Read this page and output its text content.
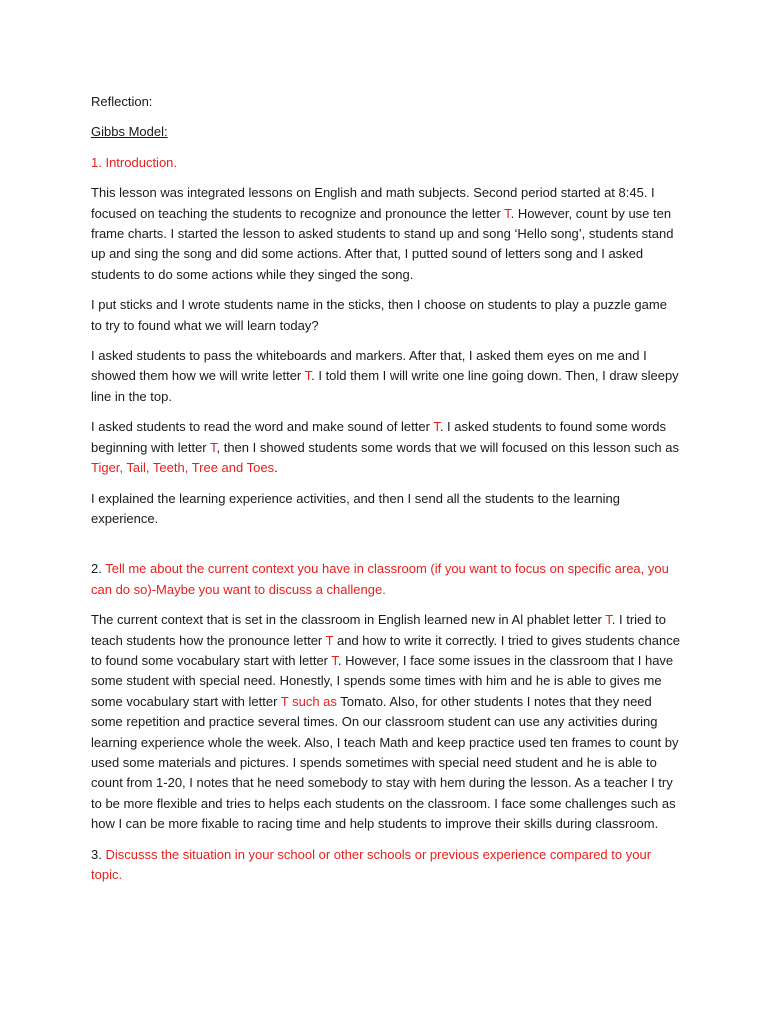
Reflection:

Gibbs Model:

1. Introduction.

This lesson was integrated lessons on English and math subjects. Second period started at 8:45. I focused on teaching the students to recognize and pronounce the letter T. However, count by use ten frame charts. I started the lesson to asked students to stand up and song ‘Hello song’, students stand up and sing the song and did some actions. After that, I putted sound of letters song and I asked students to do some actions while they singed the song.

I put sticks and I wrote students name in the sticks, then I choose on students to play a puzzle game to try to found what we will learn today?

I asked students to pass the whiteboards and markers. After that, I asked them eyes on me and I showed them how we will write letter T. I told them I will write one line going down. Then, I draw sleepy line in the top.

I asked students to read the word and make sound of letter T. I asked students to found some words beginning with letter T, then I showed students some words that we will focused on this lesson such as Tiger, Tail, Teeth, Tree and Toes.

I explained the learning experience activities, and then I send all the students to the learning experience.

2. Tell me about the current context you have in classroom (if you want to focus on specific area, you can do so)-Maybe you want to discuss a challenge.

The current context that is set in the classroom in English learned new in Al phablet letter T. I tried to teach students how the pronounce letter T and how to write it correctly. I tried to gives students chance to found some vocabulary start with letter T. However, I face some issues in the classroom that I have some student with special need. Honestly, I spends some times with him and he is able to gives me some vocabulary start with letter T such as Tomato. Also, for other students I notes that they need some repetition and practice several times. On our classroom student can use any activities during learning experience whole the week. Also, I teach Math and keep practice used ten frames to count by used some materials and pictures. I spends sometimes with special need student and he is able to count from 1-20, I notes that he need somebody to stay with hem during the lesson. As a teacher I try to be more flexible and tries to helps each students on the classroom. I face some challenges such as how I can be more fixable to racing time and help students to improve their skills during classroom.

3. Discusss the situation in your school or other schools or previous experience compared to your topic.
